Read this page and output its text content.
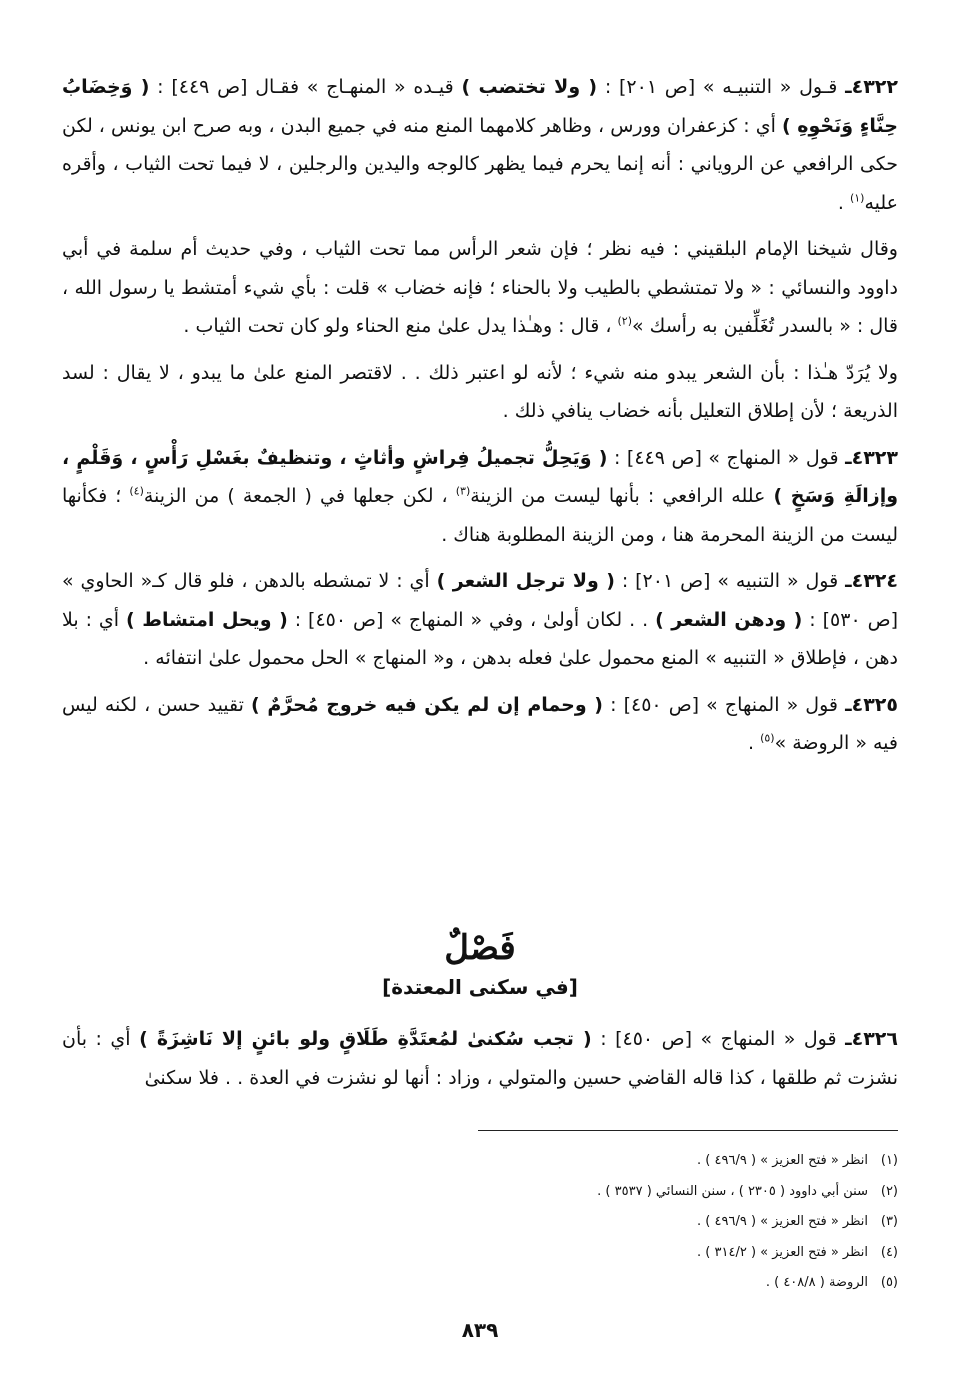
٤٣٢٢ـ قـول « التنبيـه » [ص ٢٠١] : ( ولا تختضب ) قيـده « المنهـاج » فقـال [ص ٤٤٩] : ( وَخِضَابُ حِنَّاءٍ وَنَحْوِهِ ) أي : كزعفران وورس ، وظاهر كلامهما المنع منه في جميع البدن ، وبه صرح ابن يونس ، لكن حكى الرافعي عن الروياني : أنه إنما يحرم فيما يظهر كالوجه واليدين والرجلين ، لا فيما تحت الثياب ، وأقره عليه$^{(١)}$ .

وقال شيخنا الإمام البلقيني : فيه نظر ؛ فإن شعر الرأس مما تحت الثياب ، وفي حديث أم سلمة في أبي داوود والنسائي : « ولا تمتشطي بالطيب ولا بالحناء ؛ فإنه خضاب » قلت : بأي شيء أمتشط يا رسول الله ، قال : « بالسدر تُغَلِّفين به رأسك »$^{(٢)}$ ، قال : وهـٰذا يدل علىٰ منع الحناء ولو كان تحت الثياب .

ولا يُرَدّ هـٰذا : بأن الشعر يبدو منه شيء ؛ لأنه لو اعتبر ذلك . . لاقتصر المنع علىٰ ما يبدو ، لا يقال : لسد الذريعة ؛ لأن إطلاق التعليل بأنه خضاب ينافي ذلك .

٤٣٢٣ـ قول « المنهاج » [ص ٤٤٩] : ( وَيَحِلُّ تجميلُ فِراشٍ وأثاثٍ ، وتنظيفٌ بغَسْلِ رَأْسٍ ، وَقَلْمٍ ، وإزالَةِ وَسَخٍ ) علله الرافعي : بأنها ليست من الزينة$^{(٣)}$ ، لكن جعلها في ( الجمعة ) من الزينة$^{(٤)}$ ؛ فكأنها ليست من الزينة المحرمة هنا ، ومن الزينة المطلوبة هناك .

٤٣٢٤ـ قول « التنبيه » [ص ٢٠١] : ( ولا ترجل الشعر ) أي : لا تمشطه بالدهن ، فلو قال كـ« الحاوي » [ص ٥٣٠] : ( ودهن الشعر ) . . لكان أولىٰ ، وفي « المنهاج » [ص ٤٥٠] : ( ويحل امتشاط ) أي : بلا دهن ، فإطلاق « التنبيه » المنع محمول علىٰ فعله بدهن ، و« المنهاج » الحل محمول علىٰ انتفائه .

٤٣٢٥ـ قول « المنهاج » [ص ٤٥٠] : ( وحمام إن لم يكن فيه خروج مُحرَّمٌ ) تقييد حسن ، لكنه ليس فيه « الروضة »$^{(٥)}$ .

فَصْلٌ
[في سكنى المعتدة]

٤٣٢٦ـ قول « المنهاج » [ص ٤٥٠] : ( تجب سُكنىٰ لمُعتَدَّةِ طَلَاقٍ ولو بائنٍ إلا نَاشِزَةً ) أي : بأن نشزت ثم طلقها ، كذا قاله القاضي حسين والمتولي ، وزاد : أنها لو نشزت في العدة . . فلا سكنىٰ

(١)انظر « فتح العزيز » ( ٤٩٦/٩ ) .
(٢)سنن أبي داوود ( ٢٣٠٥ ) ، سنن النسائي ( ٣٥٣٧ ) .
(٣)انظر « فتح العزيز » ( ٤٩٦/٩ ) .
(٤)انظر « فتح العزيز » ( ٣١٤/٢ ) .
(٥)الروضة ( ٤٠٨/٨ ) .
٨٣٩
